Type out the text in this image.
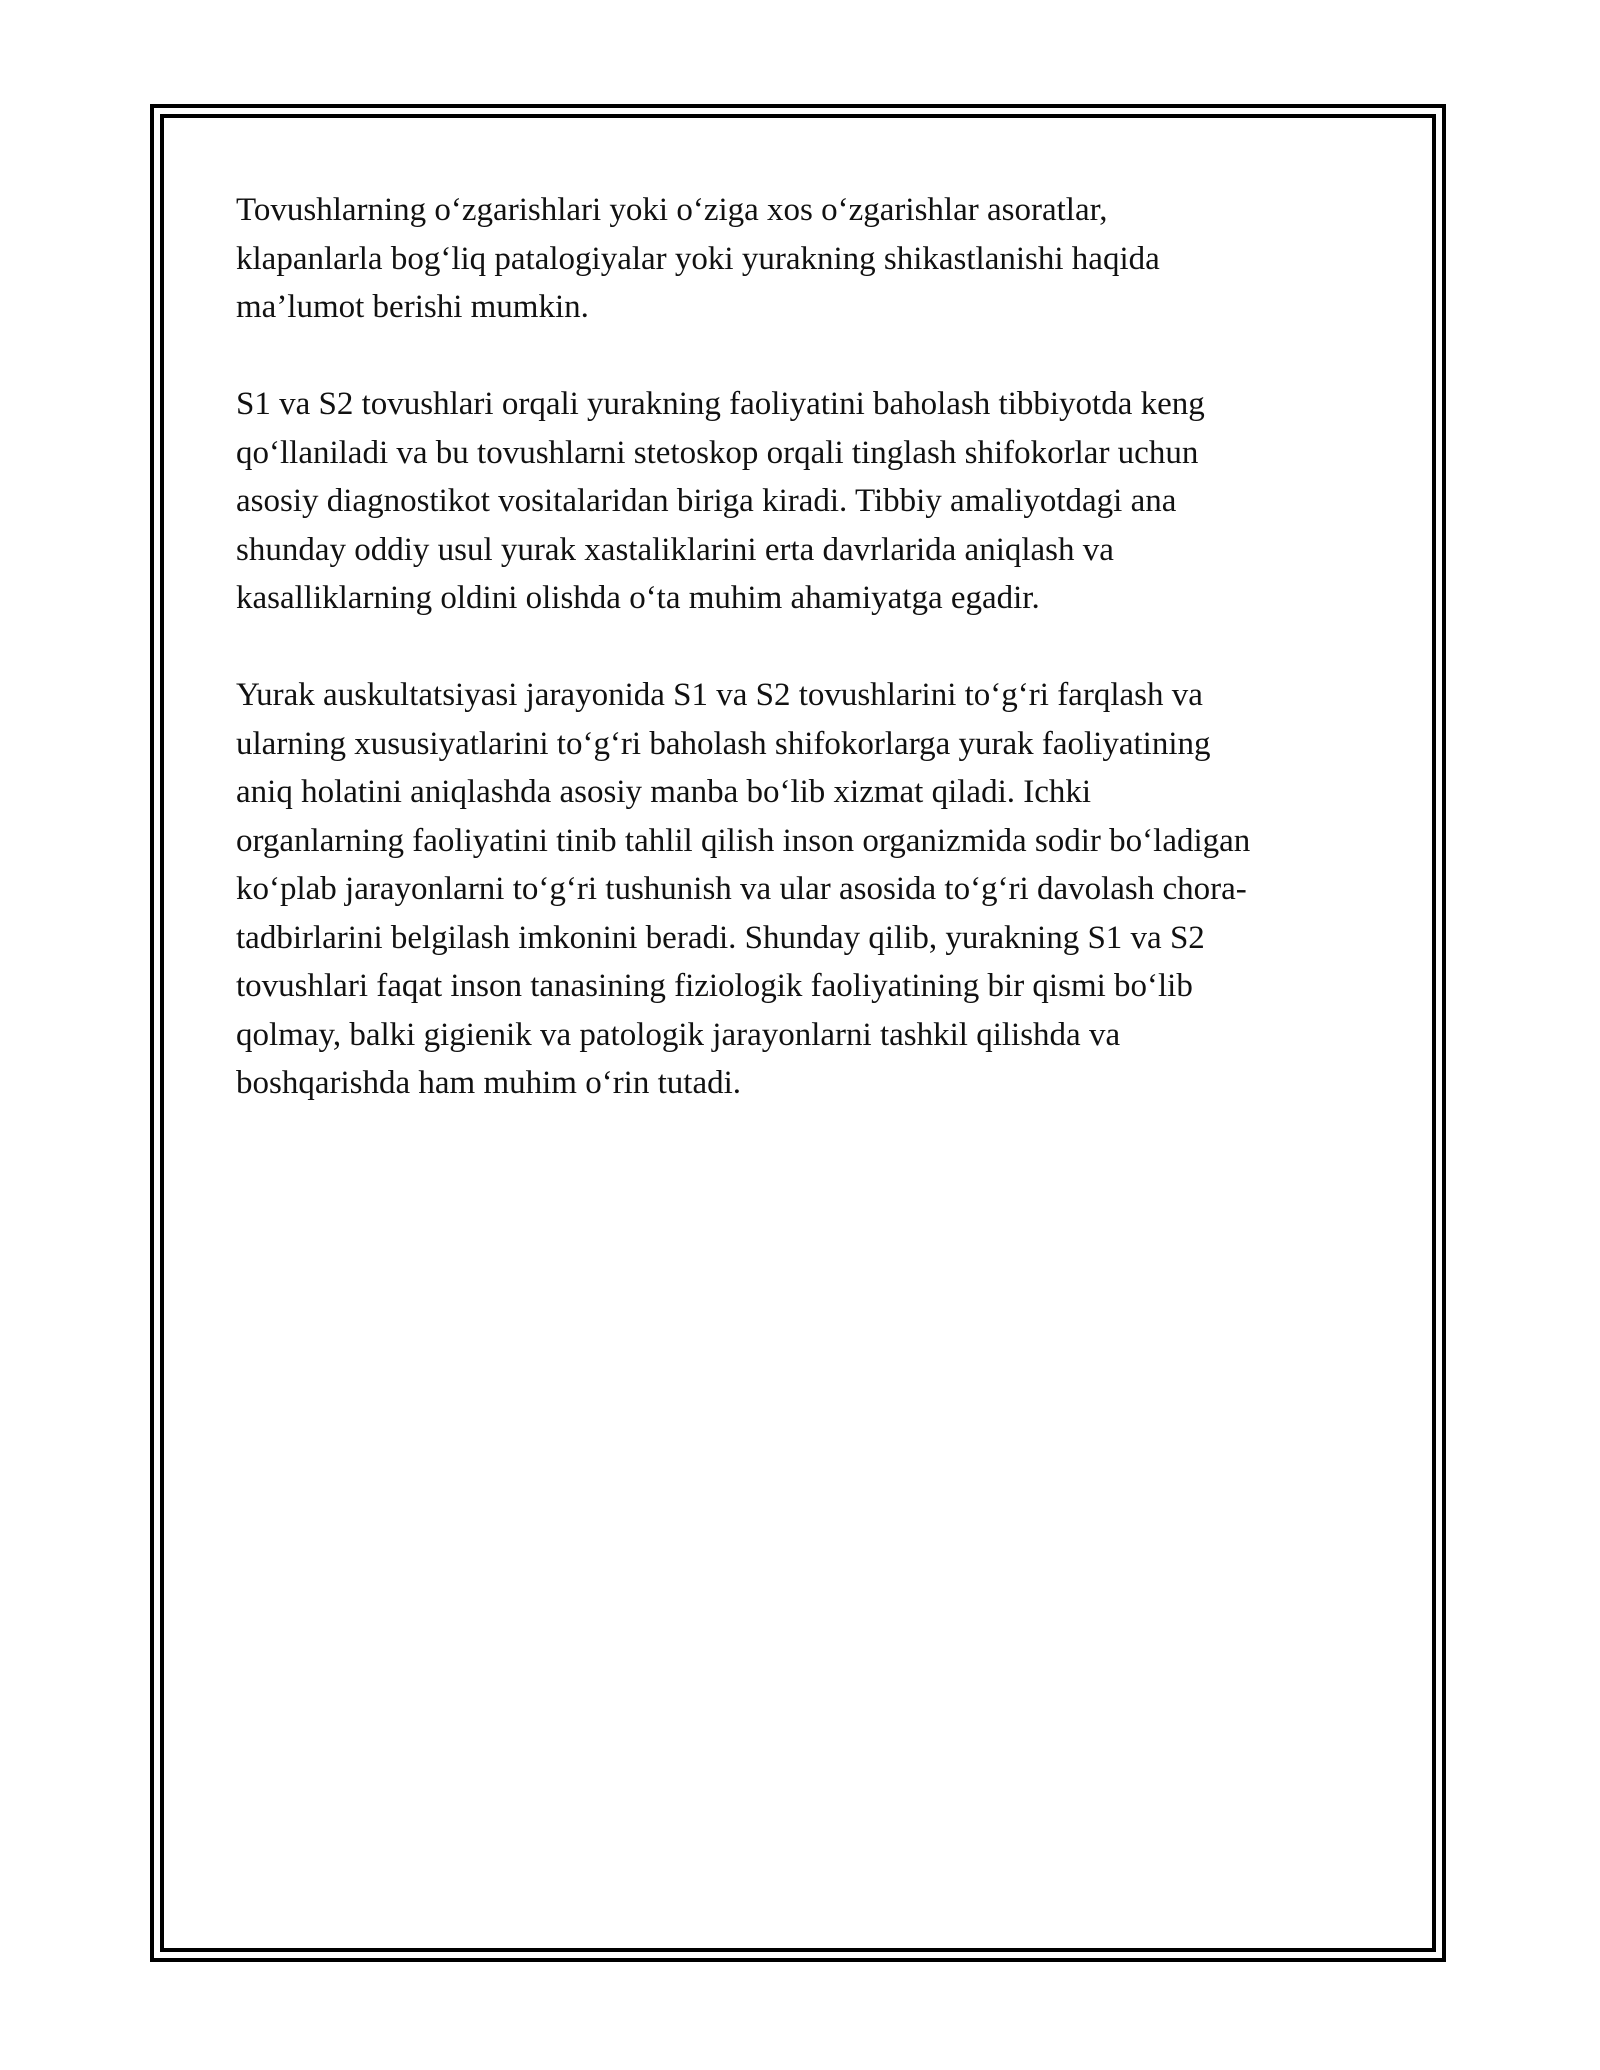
Tovushlarning o‘zgarishlari yoki o‘ziga xos o‘zgarishlar asoratlar,
klapanlarla bog‘liq patalogiyalar yoki yurakning shikastlanishi haqida
ma’lumot berishi mumkin.

S1 va S2 tovushlari orqali yurakning faoliyatini baholash tibbiyotda keng
qo‘llaniladi va bu tovushlarni stetoskop orqali tinglash shifokorlar uchun
asosiy diagnostikot vositalaridan biriga kiradi. Tibbiy amaliyotdagi ana
shunday oddiy usul yurak xastaliklarini erta davrlarida aniqlash va
kasalliklarning oldini olishda o‘ta muhim ahamiyatga egadir.

Yurak auskultatsiyasi jarayonida S1 va S2 tovushlarini to‘g‘ri farqlash va
ularning xususiyatlarini to‘g‘ri baholash shifokorlarga yurak faoliyatining
aniq holatini aniqlashda asosiy manba bo‘lib xizmat qiladi. Ichki
organlarning faoliyatini tinib tahlil qilish inson organizmida sodir bo‘ladigan
ko‘plab jarayonlarni to‘g‘ri tushunish va ular asosida to‘g‘ri davolash chora-
tadbirlarini belgilash imkonini beradi. Shunday qilib, yurakning S1 va S2
tovushlari faqat inson tanasining fiziologik faoliyatining bir qismi bo‘lib
qolmay, balki gigienik va patologik jarayonlarni tashkil qilishda va
boshqarishda ham muhim o‘rin tutadi.
